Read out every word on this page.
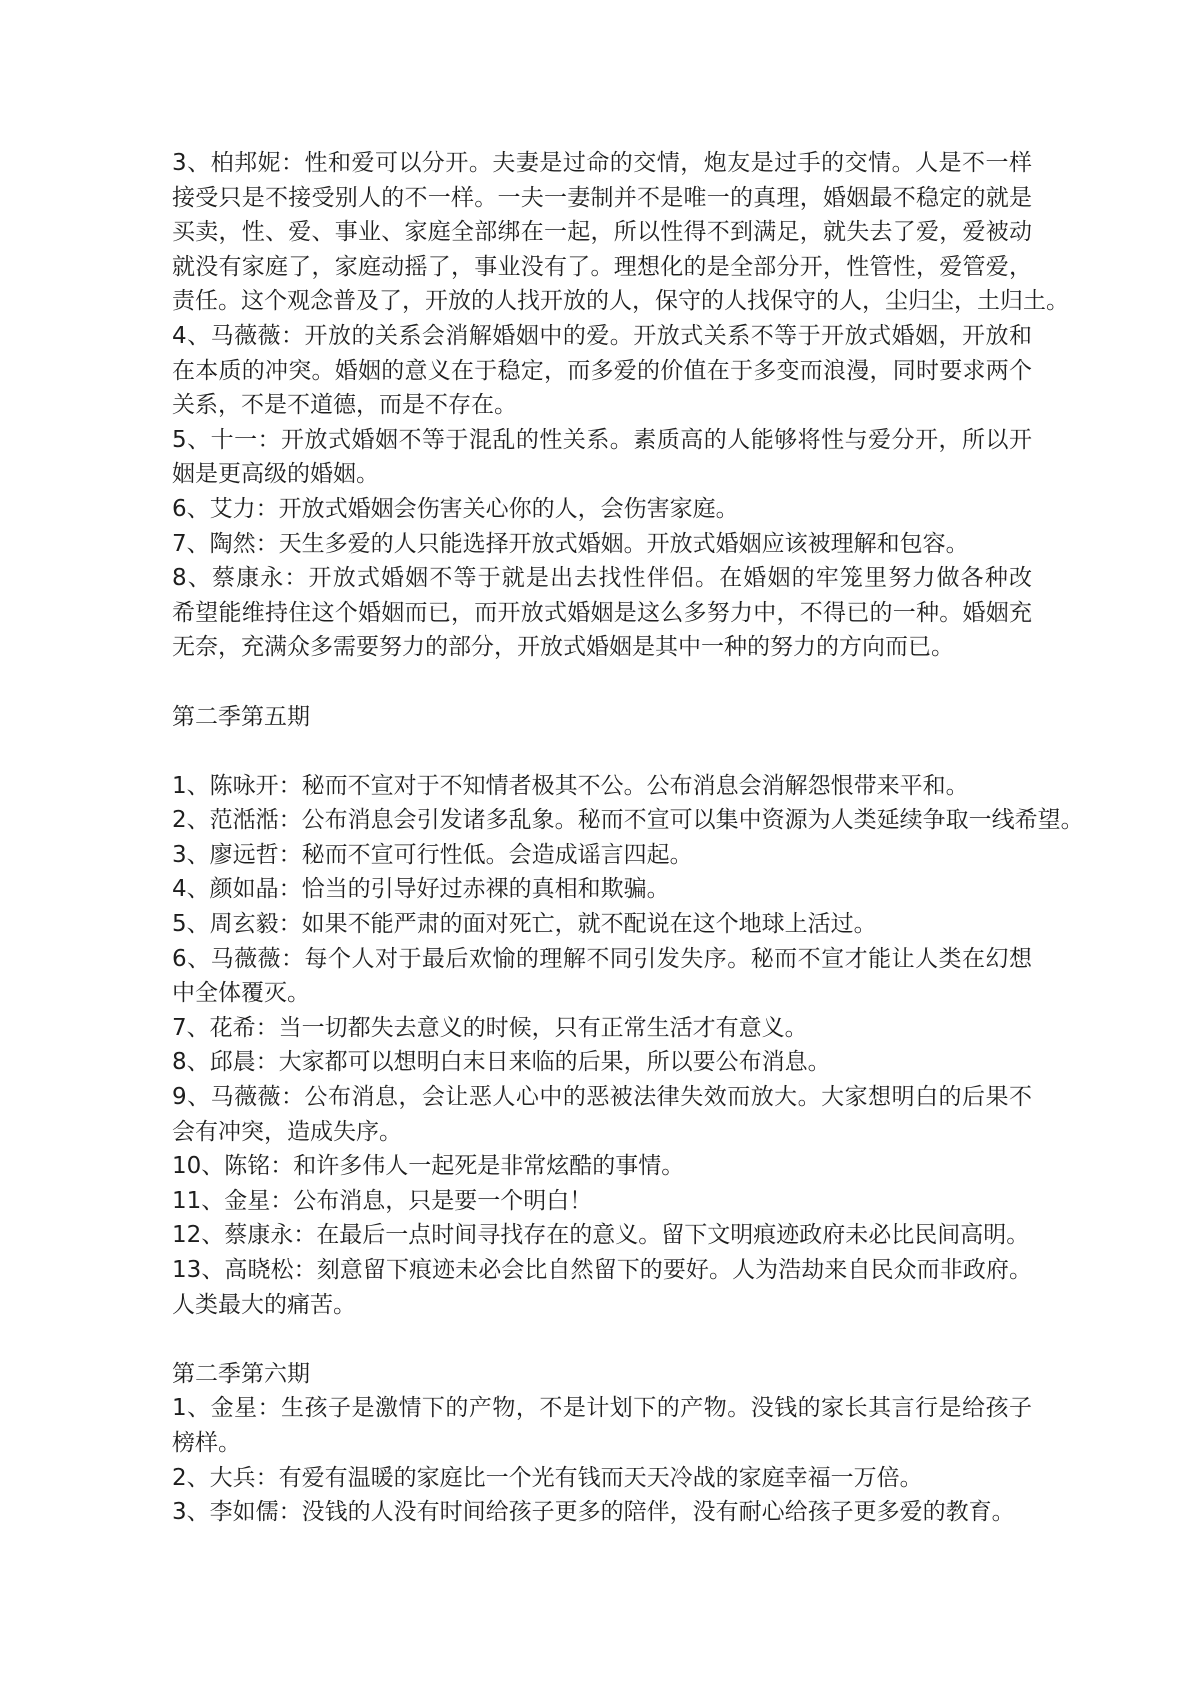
3、柏邦妮：性和爱可以分开。夫妻是过命的交情，炮友是过手的交情。人是不一样
接受只是不接受别人的不一样。一夫一妻制并不是唯一的真理，婚姻最不稳定的就是
买卖，性、爱、事业、家庭全部绑在一起，所以性得不到满足，就失去了爱，爱被动
就没有家庭了，家庭动摇了，事业没有了。理想化的是全部分开，性管性，爱管爱，
责任。这个观念普及了，开放的人找开放的人，保守的人找保守的人，尘归尘，土归土。
4、马薇薇：开放的关系会消解婚姻中的爱。开放式关系不等于开放式婚姻，开放和
在本质的冲突。婚姻的意义在于稳定，而多爱的价值在于多变而浪漫，同时要求两个
关系，不是不道德，而是不存在。
5、十一：开放式婚姻不等于混乱的性关系。素质高的人能够将性与爱分开，所以开
姻是更高级的婚姻。
6、艾力：开放式婚姻会伤害关心你的人，会伤害家庭。
7、陶然：天生多爱的人只能选择开放式婚姻。开放式婚姻应该被理解和包容。
8、蔡康永：开放式婚姻不等于就是出去找性伴侣。在婚姻的牢笼里努力做各种改
希望能维持住这个婚姻而已，而开放式婚姻是这么多努力中，不得已的一种。婚姻充
无奈，充满众多需要努力的部分，开放式婚姻是其中一种的努力的方向而已。
第二季第五期
1、陈咏开：秘而不宣对于不知情者极其不公。公布消息会消解怨恨带来平和。
2、范湉湉：公布消息会引发诸多乱象。秘而不宣可以集中资源为人类延续争取一线希望。
3、廖远哲：秘而不宣可行性低。会造成谣言四起。
4、颜如晶：恰当的引导好过赤裸的真相和欺骗。
5、周玄毅：如果不能严肃的面对死亡，就不配说在这个地球上活过。
6、马薇薇：每个人对于最后欢愉的理解不同引发失序。秘而不宣才能让人类在幻想
中全体覆灭。
7、花希：当一切都失去意义的时候，只有正常生活才有意义。
8、邱晨：大家都可以想明白末日来临的后果，所以要公布消息。
9、马薇薇：公布消息，会让恶人心中的恶被法律失效而放大。大家想明白的后果不
会有冲突，造成失序。
10、陈铭：和许多伟人一起死是非常炫酷的事情。
11、金星：公布消息，只是要一个明白！
12、蔡康永：在最后一点时间寻找存在的意义。留下文明痕迹政府未必比民间高明。
13、高晓松：刻意留下痕迹未必会比自然留下的要好。人为浩劫来自民众而非政府。
人类最大的痛苦。
第二季第六期
1、金星：生孩子是激情下的产物，不是计划下的产物。没钱的家长其言行是给孩子
榜样。
2、大兵：有爱有温暖的家庭比一个光有钱而天天冷战的家庭幸福一万倍。
3、李如儒：没钱的人没有时间给孩子更多的陪伴，没有耐心给孩子更多爱的教育。
